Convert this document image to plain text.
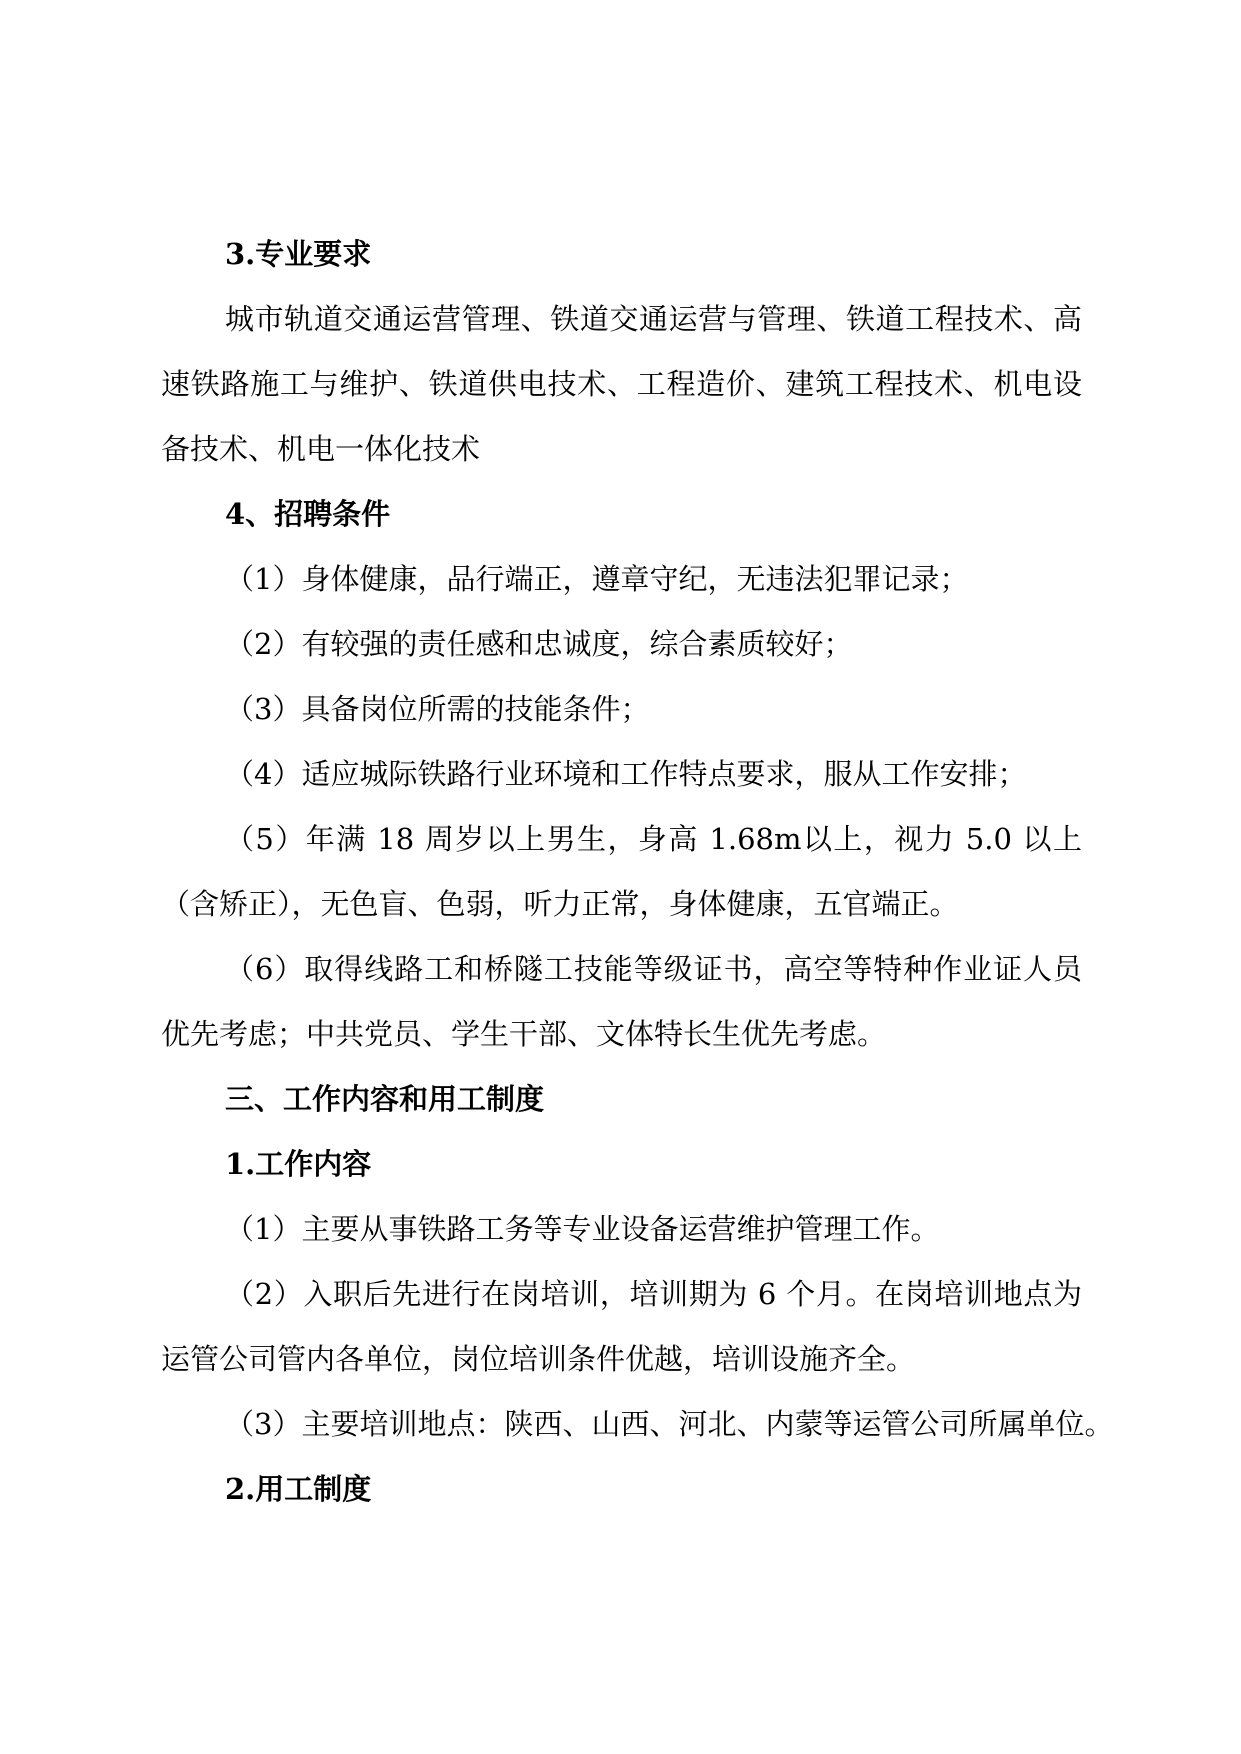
3.专业要求

城市轨道交通运营管理、铁道交通运营与管理、铁道工程技术、高速铁路施工与维护、铁道供电技术、工程造价、建筑工程技术、机电设备技术、机电一体化技术

4、招聘条件

（1）身体健康，品行端正，遵章守纪，无违法犯罪记录；

（2）有较强的责任感和忠诚度，综合素质较好；

（3）具备岗位所需的技能条件；

（4）适应城际铁路行业环境和工作特点要求，服从工作安排；

（5）年满 18 周岁以上男生，身高 1.68m以上，视力 5.0 以上（含矫正），无色盲、色弱，听力正常，身体健康，五官端正。

（6）取得线路工和桥隧工技能等级证书，高空等特种作业证人员优先考虑；中共党员、学生干部、文体特长生优先考虑。

三、工作内容和用工制度

1.工作内容

（1）主要从事铁路工务等专业设备运营维护管理工作。

（2）入职后先进行在岗培训，培训期为 6 个月。在岗培训地点为运管公司管内各单位，岗位培训条件优越，培训设施齐全。

（3）主要培训地点：陕西、山西、河北、内蒙等运管公司所属单位。

2.用工制度
